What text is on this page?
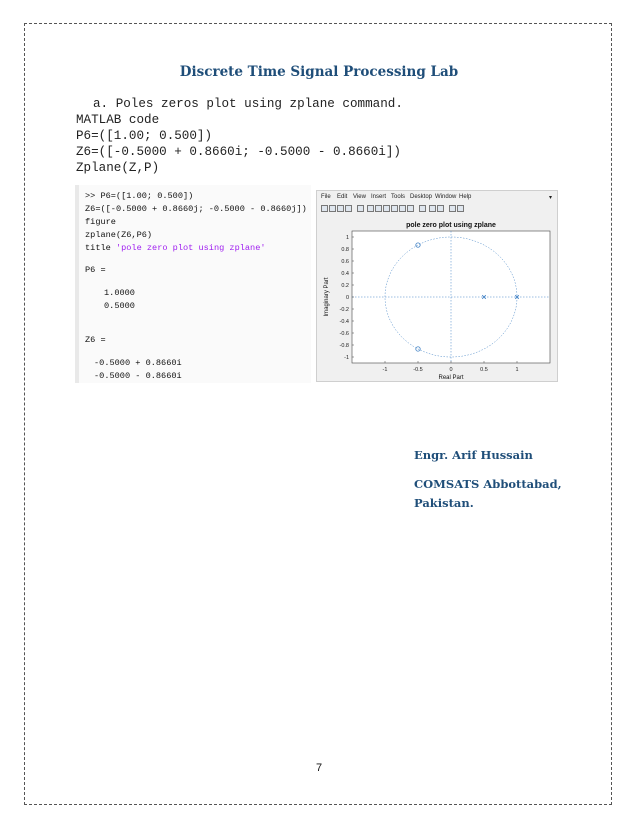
Discrete Time Signal Processing Lab
a. Poles zeros plot using zplane command.
MATLAB code
P6=([1.00; 0.500])
Z6=([-0.5000 + 0.8660i; -0.5000 - 0.8660i])
Zplane(Z,P)
>> P6=([1.00; 0.500])
Z6=([-0.5000 + 0.8660j; -0.5000 - 0.8660j])
figure
zplane(Z6,P6)
title 'pole zero plot using zplane'
P6 =
1.0000
0.5000
Z6 =
-0.5000 + 0.8660i
-0.5000 - 0.8660i
File Edit View Insert Tools Desktop Window Help	▾
pole zero plot using zplane
-1	-0.5	0	0.5	1
1
0.8
0.6
0.4
0.2
0
-0.2
-0.4
-0.6
-0.8
-1
Real Part
Imaginary Part
Engr. Arif Hussain
COMSATS Abbottabad,
Pakistan.
7
